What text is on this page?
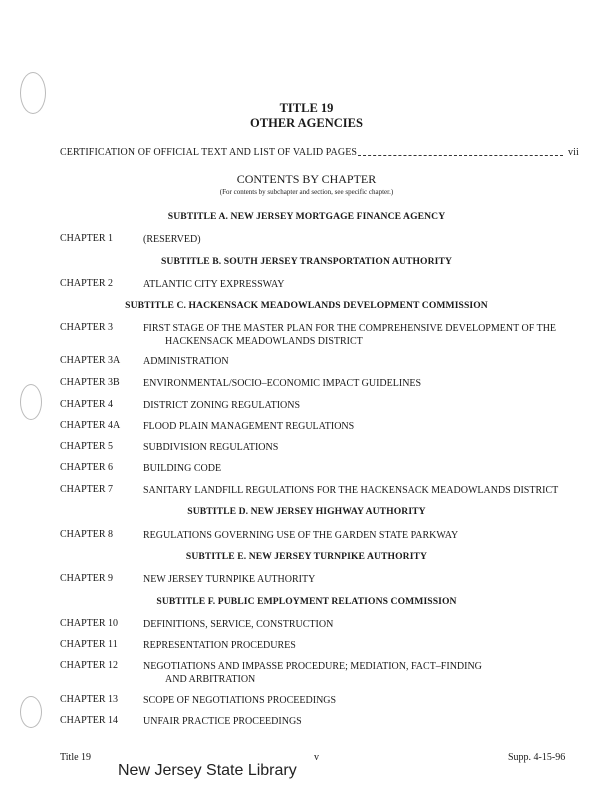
TITLE 19
OTHER AGENCIES
CERTIFICATION OF OFFICIAL TEXT AND LIST OF VALID PAGES	vii
CONTENTS BY CHAPTER
(For contents by subchapter and section, see specific chapter.)
SUBTITLE A. NEW JERSEY MORTGAGE FINANCE AGENCY
CHAPTER 1	(RESERVED)
SUBTITLE B. SOUTH JERSEY TRANSPORTATION AUTHORITY
CHAPTER 2	ATLANTIC CITY EXPRESSWAY
SUBTITLE C. HACKENSACK MEADOWLANDS DEVELOPMENT COMMISSION
CHAPTER 3	FIRST STAGE OF THE MASTER PLAN FOR THE COMPREHENSIVE DEVELOPMENT OF THE
HACKENSACK MEADOWLANDS DISTRICT
CHAPTER 3A ADMINISTRATION
CHAPTER 3B ENVIRONMENTAL/SOCIO–ECONOMIC IMPACT GUIDELINES
CHAPTER 4	DISTRICT ZONING REGULATIONS
CHAPTER 4A FLOOD PLAIN MANAGEMENT REGULATIONS
CHAPTER 5	SUBDIVISION REGULATIONS
CHAPTER 6	BUILDING CODE
CHAPTER 7	SANITARY LANDFILL REGULATIONS FOR THE HACKENSACK MEADOWLANDS DISTRICT
SUBTITLE D. NEW JERSEY HIGHWAY AUTHORITY
CHAPTER 8	REGULATIONS GOVERNING USE OF THE GARDEN STATE PARKWAY
SUBTITLE E. NEW JERSEY TURNPIKE AUTHORITY
CHAPTER 9	NEW JERSEY TURNPIKE AUTHORITY
SUBTITLE F. PUBLIC EMPLOYMENT RELATIONS COMMISSION
CHAPTER 10 DEFINITIONS, SERVICE, CONSTRUCTION
CHAPTER 11	REPRESENTATION PROCEDURES
CHAPTER 12 NEGOTIATIONS AND IMPASSE PROCEDURE; MEDIATION, FACT–FINDING
AND ARBITRATION
CHAPTER 13 SCOPE OF NEGOTIATIONS PROCEEDINGS
CHAPTER 14 UNFAIR PRACTICE PROCEEDINGS
Title 19	v	Supp. 4-15-96
New Jersey State Library
